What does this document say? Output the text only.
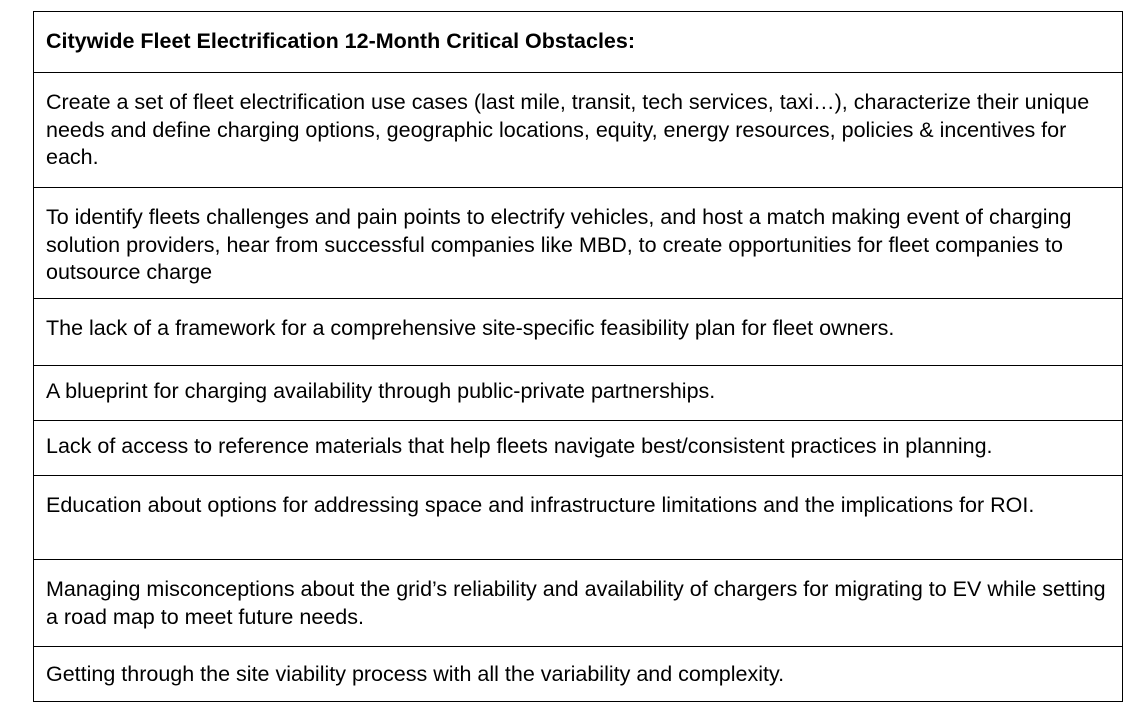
Citywide Fleet Electrification 12-Month Critical Obstacles:
Create a set of fleet electrification use cases (last mile, transit, tech services, taxi…), characterize their unique needs and define charging options, geographic locations, equity, energy resources, policies & incentives for each.
To identify fleets challenges and pain points to electrify vehicles, and host a match making event of charging solution providers, hear from successful companies like MBD, to create opportunities for fleet companies to outsource charge
The lack of a framework for a comprehensive site-specific feasibility plan for fleet owners.
A blueprint for charging availability through public-private partnerships.
Lack of access to reference materials that help fleets navigate best/consistent practices in planning.
Education about options for addressing space and infrastructure limitations and the implications for ROI.
Managing misconceptions about the grid’s reliability and availability of chargers for migrating to EV while setting a road map to meet future needs.
Getting through the site viability process with all the variability and complexity.
